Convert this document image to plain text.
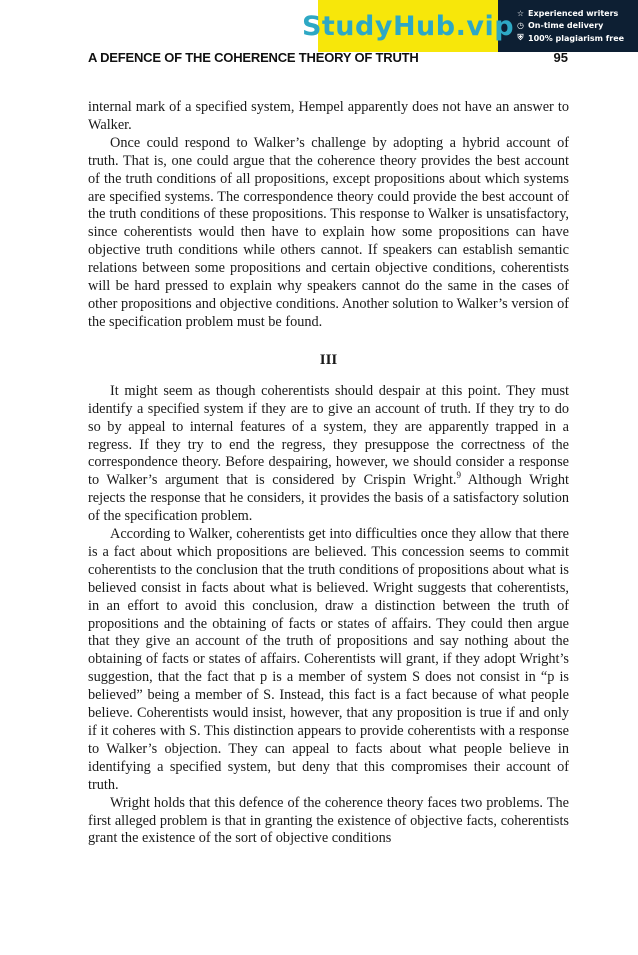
StudyHub.vip ☆ Experienced writers
◷ On-time delivery
⛨ 100% plagiarism free
A DEFENCE OF THE COHERENCE THEORY OF TRUTH	95

internal mark of a specified system, Hempel apparently does not have an answer to Walker.

Once could respond to Walker’s challenge by adopting a hybrid account of truth. That is, one could argue that the coherence theory provides the best account of the truth conditions of all propositions, except propositions about which systems are specified systems. The correspondence theory could provide the best account of the truth conditions of these propositions. This response to Walker is unsatisfactory, since coherentists would then have to explain how some propositions can have objective truth conditions while others cannot. If speakers can establish semantic relations between some propositions and certain objective conditions, coherentists will be hard pressed to explain why speakers cannot do the same in the cases of other propositions and objective conditions. Another solution to Walker’s version of the specification problem must be found.

III

It might seem as though coherentists should despair at this point. They must identify a specified system if they are to give an account of truth. If they try to do so by appeal to internal features of a system, they are apparently trapped in a regress. If they try to end the regress, they presuppose the correctness of the correspondence theory. Before despairing, however, we should consider a response to Walker’s argument that is considered by Crispin Wright.$^9$ Although Wright rejects the response that he considers, it provides the basis of a satisfactory solution of the specification problem.

According to Walker, coherentists get into difficulties once they allow that there is a fact about which propositions are believed. This concession seems to commit coherentists to the conclusion that the truth conditions of propositions about what is believed consist in facts about what is believed. Wright suggests that coherentists, in an effort to avoid this conclusion, draw a distinction between the truth of propositions and the obtaining of facts or states of affairs. They could then argue that they give an account of the truth of propositions and say nothing about the obtaining of facts or states of affairs. Coherentists will grant, if they adopt Wright’s suggestion, that the fact that p is a member of system S does not consist in “p is believed” being a member of S. Instead, this fact is a fact because of what people believe. Coherentists would insist, however, that any proposition is true if and only if it coheres with S. This distinction appears to provide coherentists with a response to Walker’s objection. They can appeal to facts about what people believe in identifying a specified system, but deny that this compromises their account of truth.

Wright holds that this defence of the coherence theory faces two problems. The first alleged problem is that in granting the existence of objective facts, coherentists grant the existence of the sort of objective conditions
